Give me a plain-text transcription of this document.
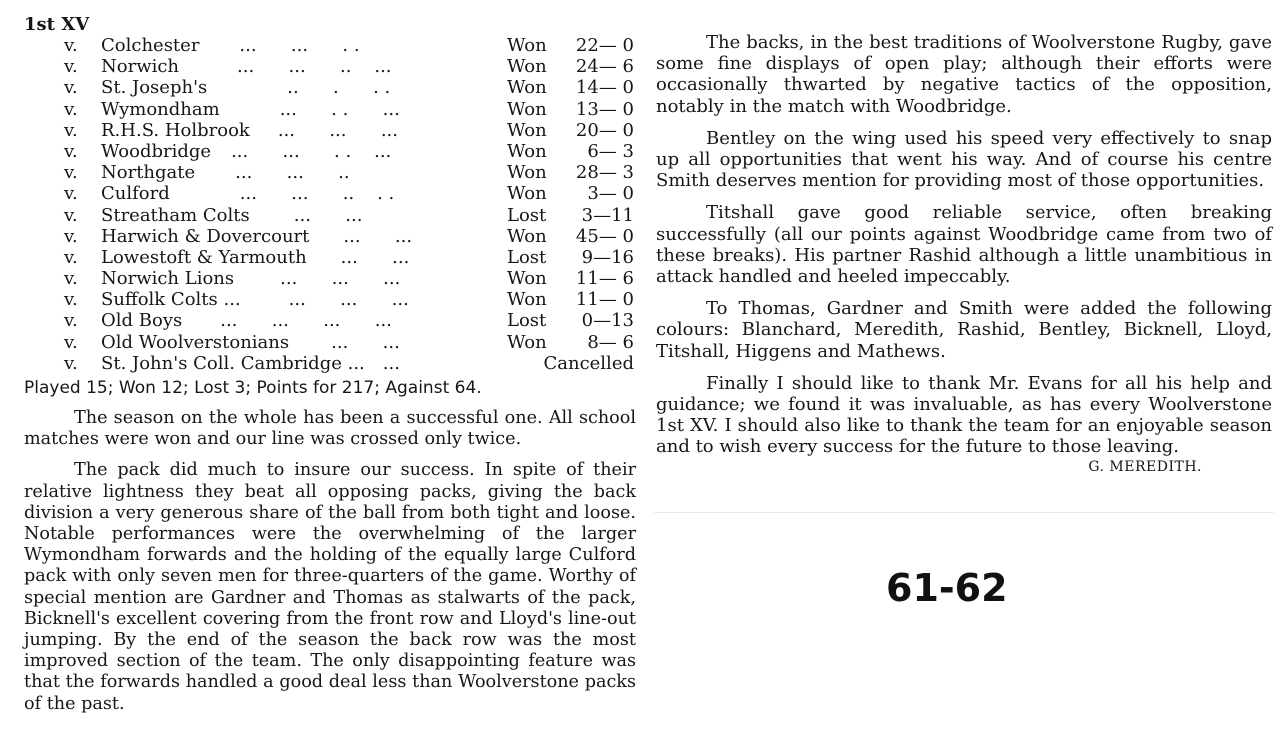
1st XV
v. Colchester ...      ...      . .	Won	22— 0
v. Norwich	...      ...      ..    ...	Won	24— 6
v. St. Joseph's	..      .      . .	Won	14— 0
v. Wymondham	...      . .      ...	Won	13— 0
v. R.H.S. Holbrook ...      ...      ...	Won	20— 0
v. Woodbridge ...      ...      . .    ...	Won	6— 3
v. Northgate ...      ...      ..	Won	28— 3
v. Culford	...      ...      ..    . .	Won	3— 0
v. Streatham Colts ...      ...	Lost	3—11
v. Harwich & Dovercourt ...      ...	Won	45— 0
v. Lowestoft & Yarmouth ...      ...	Lost	9—16
v. Norwich Lions	...      ...      ...	Won	11— 6
v. Suffolk Colts ...	...      ...      ...	Won	11— 0
v. Old Boys ...      ...      ...      ...	Lost	0—13
v. Old Woolverstonians ...      ...	Won	8— 6
v. St. John's Coll. Cambridge ... ...	Cancelled
Played 15 ; Won 12 ; Lost 3 ; Points for 217 ; Against 64.

The season on the whole has been a successful one. All school matches were won and our line was crossed only twice.

The pack did much to insure our success. In spite of their relative lightness they beat all opposing packs, giving the back division a very generous share of the ball from both tight and loose. Notable performances were the overwhelming of the larger Wymondham forwards and the holding of the equally large Culford pack with only seven men for three-quarters of the game. Worthy of special mention are Gardner and Thomas as stalwarts of the pack, Bicknell's excellent covering from the front row and Lloyd's line-out jumping. By the end of the season the back row was the most improved section of the team. The only disappointing feature was that the forwards handled a good deal less than Woolverstone packs of the past.

The backs, in the best traditions of Woolverstone Rugby, gave some fine displays of open play; although their efforts were occasionally thwarted by negative tactics of the opposition, notably in the match with Woodbridge.

Bentley on the wing used his speed very effectively to snap up all opportunities that went his way. And of course his centre Smith deserves mention for providing most of those opportunities.

Titshall gave good reliable service, often breaking successfully (all our points against Woodbridge came from two of these breaks). His partner Rashid although a little unambitious in attack handled and heeled impeccably.

To Thomas, Gardner and Smith were added the following colours: Blanchard, Meredith, Rashid, Bentley, Bicknell, Lloyd, Titshall, Higgens and Mathews.

Finally I should like to thank Mr. Evans for all his help and guidance; we found it was invaluable, as has every Woolverstone 1st XV. I should also like to thank the team for an enjoyable season and to wish every success for the future to those leaving.

G. MEREDITH.
61-62
